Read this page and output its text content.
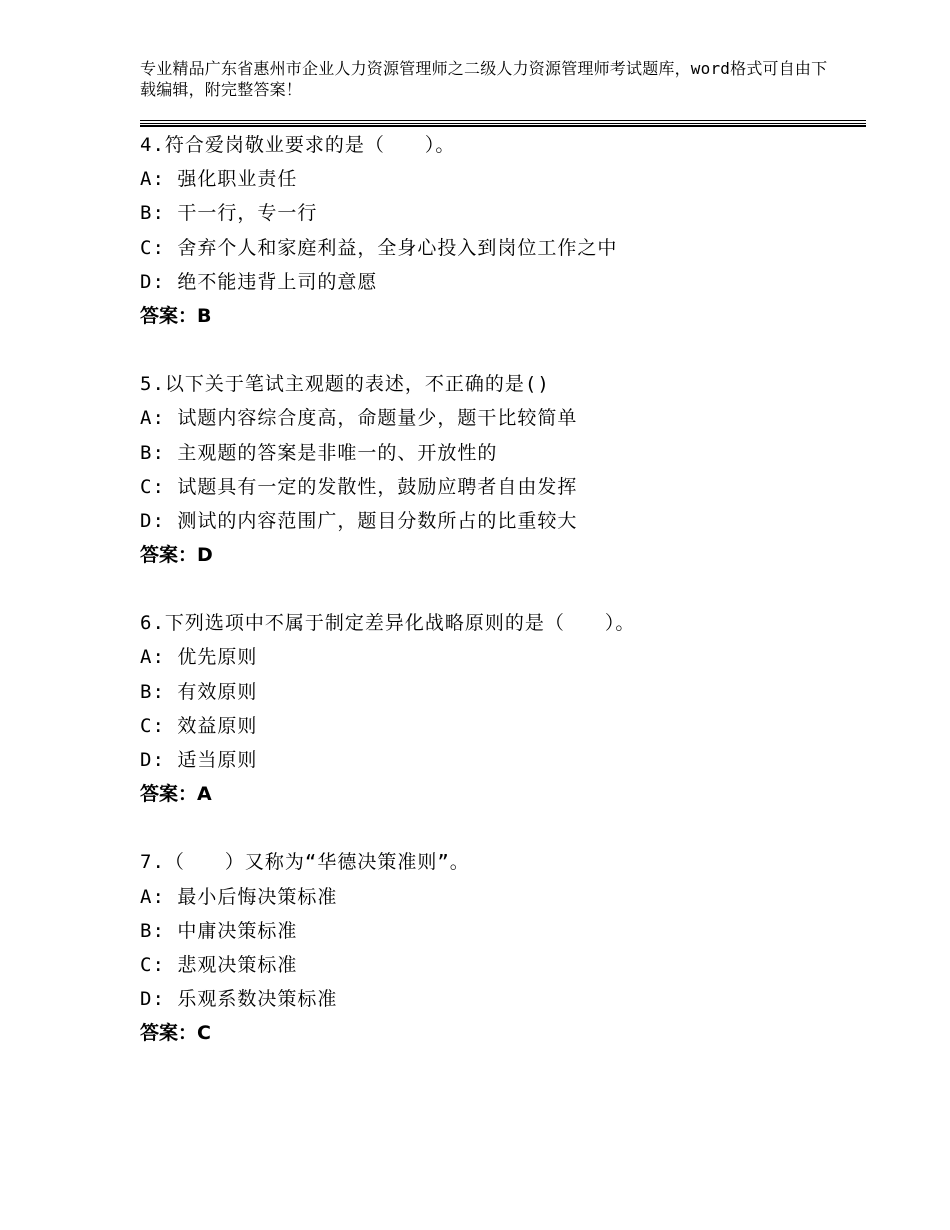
专业精品广东省惠州市企业人力资源管理师之二级人力资源管理师考试题库，word格式可自由下载编辑，附完整答案！
4.符合爱岗敬业要求的是（　　）。
A: 强化职业责任
B: 干一行，专一行
C: 舍弃个人和家庭利益，全身心投入到岗位工作之中
D: 绝不能违背上司的意愿
答案：B
5.以下关于笔试主观题的表述，不正确的是()
A: 试题内容综合度高，命题量少，题干比较简单
B: 主观题的答案是非唯一的、开放性的
C: 试题具有一定的发散性，鼓励应聘者自由发挥
D: 测试的内容范围广，题目分数所占的比重较大
答案：D
6.下列选项中不属于制定差异化战略原则的是（　　）。
A: 优先原则
B: 有效原则
C: 效益原则
D: 适当原则
答案：A
7.（　　）又称为“华德决策准则”。
A: 最小后悔决策标准
B: 中庸决策标准
C: 悲观决策标准
D: 乐观系数决策标准
答案：C
